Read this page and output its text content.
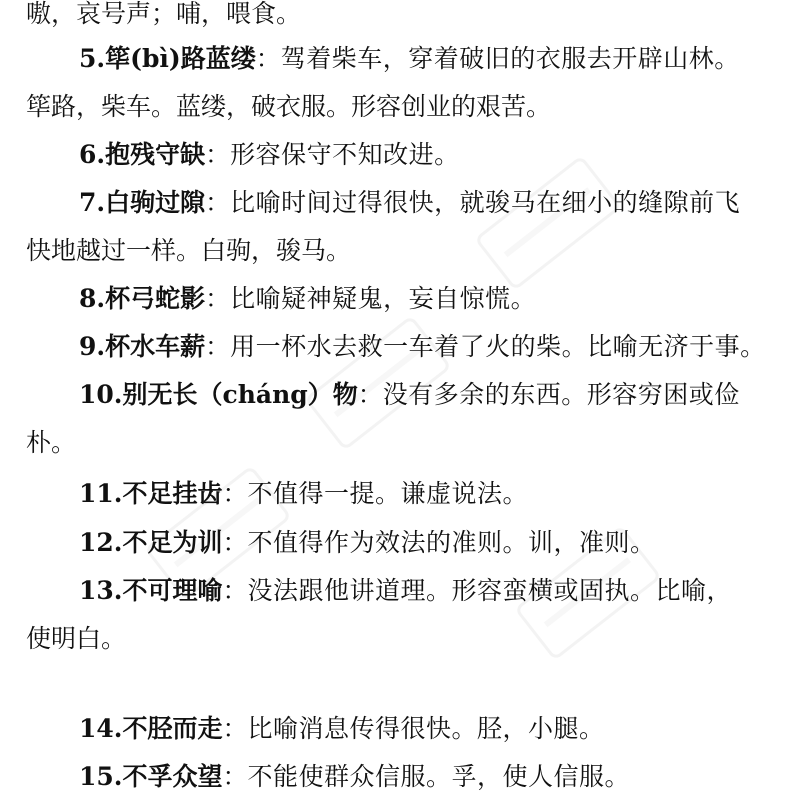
嗷，哀号声；哺，喂食。
5.筚(bì)路蓝缕：驾着柴车，穿着破旧的衣服去开辟山林。
筚路，柴车。蓝缕，破衣服。形容创业的艰苦。
6.抱残守缺：形容保守不知改进。
7.白驹过隙：比喻时间过得很快，就骏马在细小的缝隙前飞
快地越过一样。白驹，骏马。
8.杯弓蛇影：比喻疑神疑鬼，妄自惊慌。
9.杯水车薪：用一杯水去救一车着了火的柴。比喻无济于事。
10.别无长（cháng）物：没有多余的东西。形容穷困或俭
朴。
11.不足挂齿：不值得一提。谦虚说法。
12.不足为训：不值得作为效法的准则。训，准则。
13.不可理喻：没法跟他讲道理。形容蛮横或固执。比喻，
使明白。
14.不胫而走：比喻消息传得很快。胫，小腿。
15.不孚众望：不能使群众信服。孚，使人信服。
